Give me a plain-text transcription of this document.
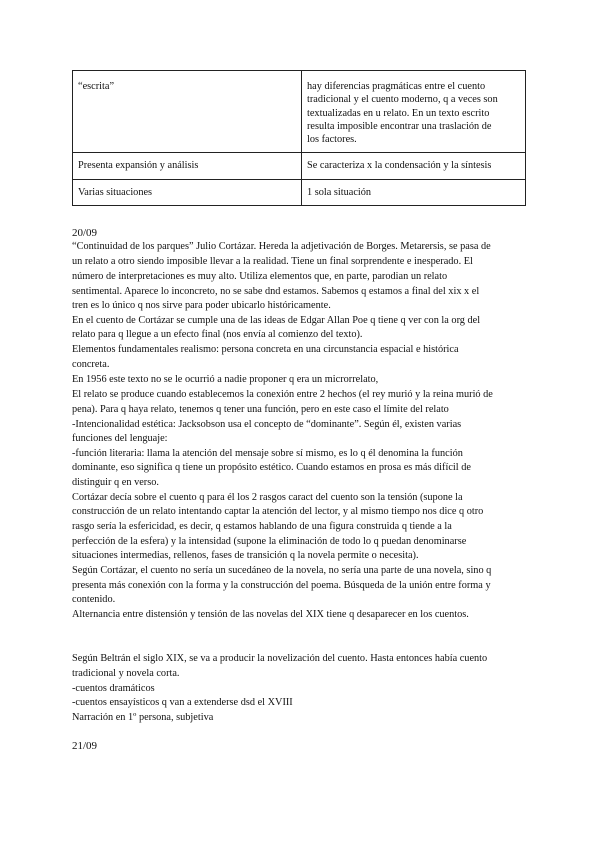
“escrita”	hay diferencias pragmáticas entre el cuento
tradicional y el cuento moderno, q a veces son
textualizadas en u relato. En un texto escrito
resulta imposible encontrar una traslación de
los factores.

Presenta expansión y análisis	Se caracteriza x la condensación y la síntesis

Varias situaciones	1 sola situación
20/09
“Continuidad de los parques” Julio Cortázar. Hereda la adjetivación de Borges. Metarersis, se pasa de
un relato a otro siendo imposible llevar a la realidad. Tiene un final sorprendente e inesperado. El
número de interpretaciones es muy alto. Utiliza elementos que, en parte, parodian un relato
sentimental. Aparece lo inconcreto, no se sabe dnd estamos. Sabemos q estamos a final del xix x el
tren es lo único q nos sirve para poder ubicarlo históricamente.
En el cuento de Cortázar se cumple una de las ideas de Edgar Allan Poe q tiene q ver con la org del
relato para q llegue a un efecto final (nos envía al comienzo del texto).
Elementos fundamentales realismo: persona concreta en una circunstancia espacial e histórica
concreta.
En 1956 este texto no se le ocurrió a nadie proponer q era un microrrelato,
El relato se produce cuando establecemos la conexión entre 2 hechos (el rey murió y la reina murió de
pena). Para q haya relato, tenemos q tener una función, pero en este caso el límite del relato
-Intencionalidad estética: Jacksobson usa el concepto de “dominante”. Según él, existen varias
funciones del lenguaje:
-función literaria: llama la atención del mensaje sobre sí mismo, es lo q él denomina la función
dominante, eso significa q tiene un propósito estético. Cuando estamos en prosa es más difícil de
distinguir q en verso.
Cortázar decía sobre el cuento q para él los 2 rasgos caract del cuento son la tensión (supone la
construcción de un relato intentando captar la atención del lector, y al mismo tiempo nos dice q otro
rasgo sería la esfericidad, es decir, q estamos hablando de una figura construida q tiende a la
perfección de la esfera) y la intensidad (supone la eliminación de todo lo q puedan denominarse
situaciones intermedias, rellenos, fases de transición q la novela permite o necesita).
Según Cortázar, el cuento no sería un sucedáneo de la novela, no sería una parte de una novela, sino q
presenta más conexión con la forma y la construcción del poema. Búsqueda de la unión entre forma y
contenido.
Alternancia entre distensión y tensión de las novelas del XIX tiene q desaparecer en los cuentos.
Según Beltrán el siglo XIX, se va a producir la novelización del cuento. Hasta entonces había cuento
tradicional y novela corta.
-cuentos dramáticos
-cuentos ensayísticos q van a extenderse dsd el XVIII
Narración en 1º persona, subjetiva
21/09
